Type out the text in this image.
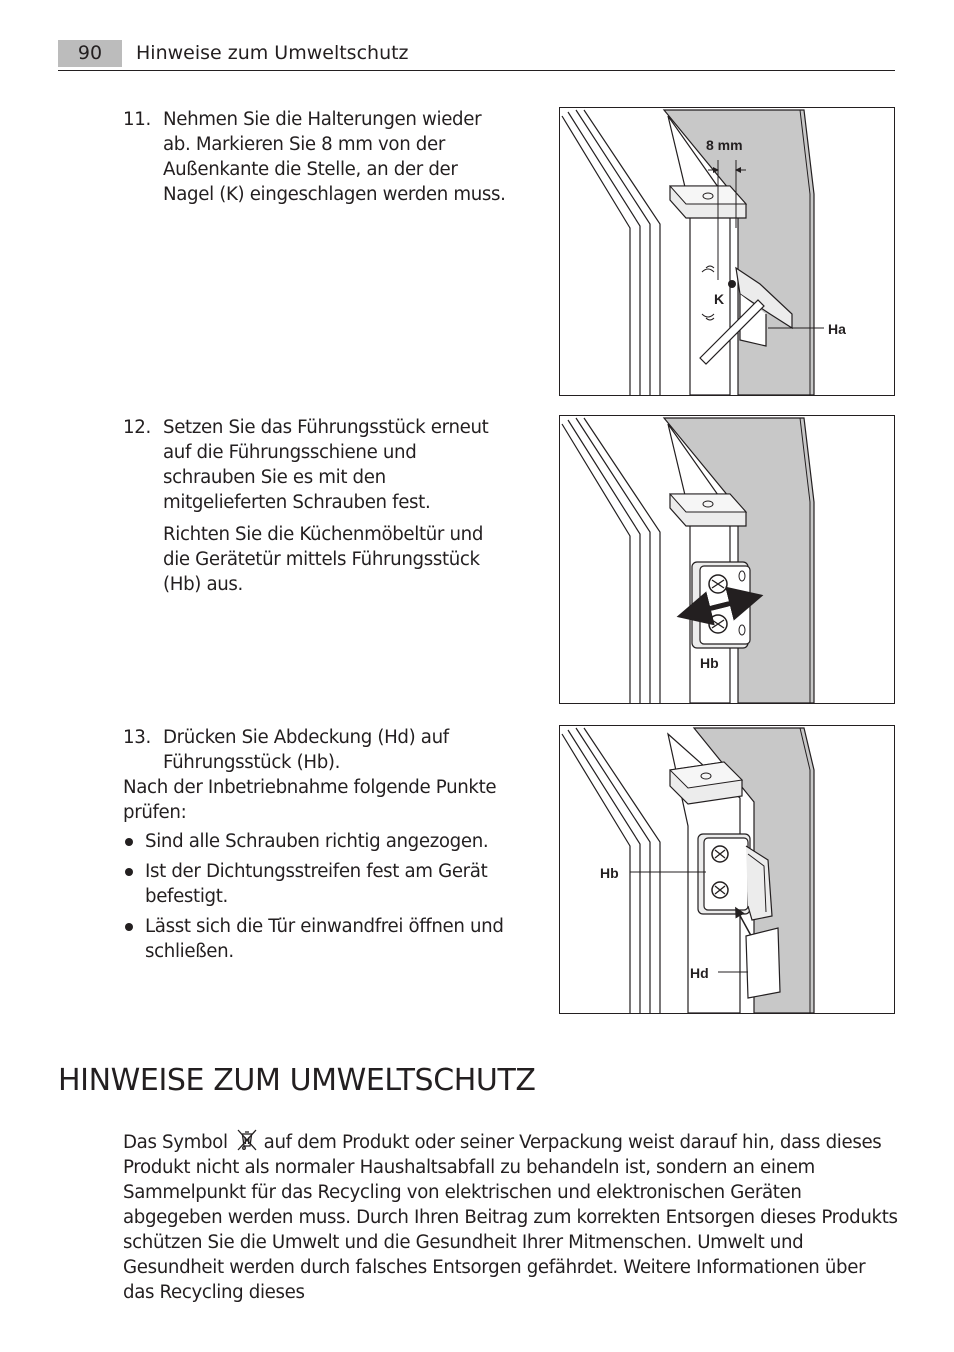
90	Hinweise zum Umweltschutz
11. Nehmen Sie die Halterungen wieder ab. Markieren Sie 8 mm von der Außenkante die Stelle, an der der Nagel (K) eingeschlagen werden muss.

8 mm
K
Ha
12. Setzen Sie das Führungsstück erneut auf die Führungsschiene und schrauben Sie es mit den mitgelieferten Schrauben fest.

Richten Sie die Küchenmöbeltür und die Gerätetür mittels Führungsstück (Hb) aus.

Hb
13. Drücken Sie Abdeckung (Hd) auf Führungsstück (Hb).

Nach der Inbetriebnahme folgende Punkte prüfen:

Sind alle Schrauben richtig angezogen.
Ist der Dichtungsstreifen fest am Gerät befestigt.
Lässt sich die Tür einwandfrei öffnen und schließen.
Hb
Hd
HINWEISE ZUM UMWELTSCHUTZ

Das Symbol auf dem Produkt oder seiner Verpackung weist darauf hin, dass dieses Produkt nicht als normaler Haushaltsabfall zu behandeln ist, sondern an einem Sammelpunkt für das Recycling von elektrischen und elektronischen Geräten abgegeben werden muss. Durch Ihren Beitrag zum korrekten Entsorgen dieses Produkts schützen Sie die Umwelt und die Gesundheit Ihrer Mitmenschen. Umwelt und Gesundheit werden durch falsches Entsorgen gefährdet. Weitere Informationen über das Recycling dieses
